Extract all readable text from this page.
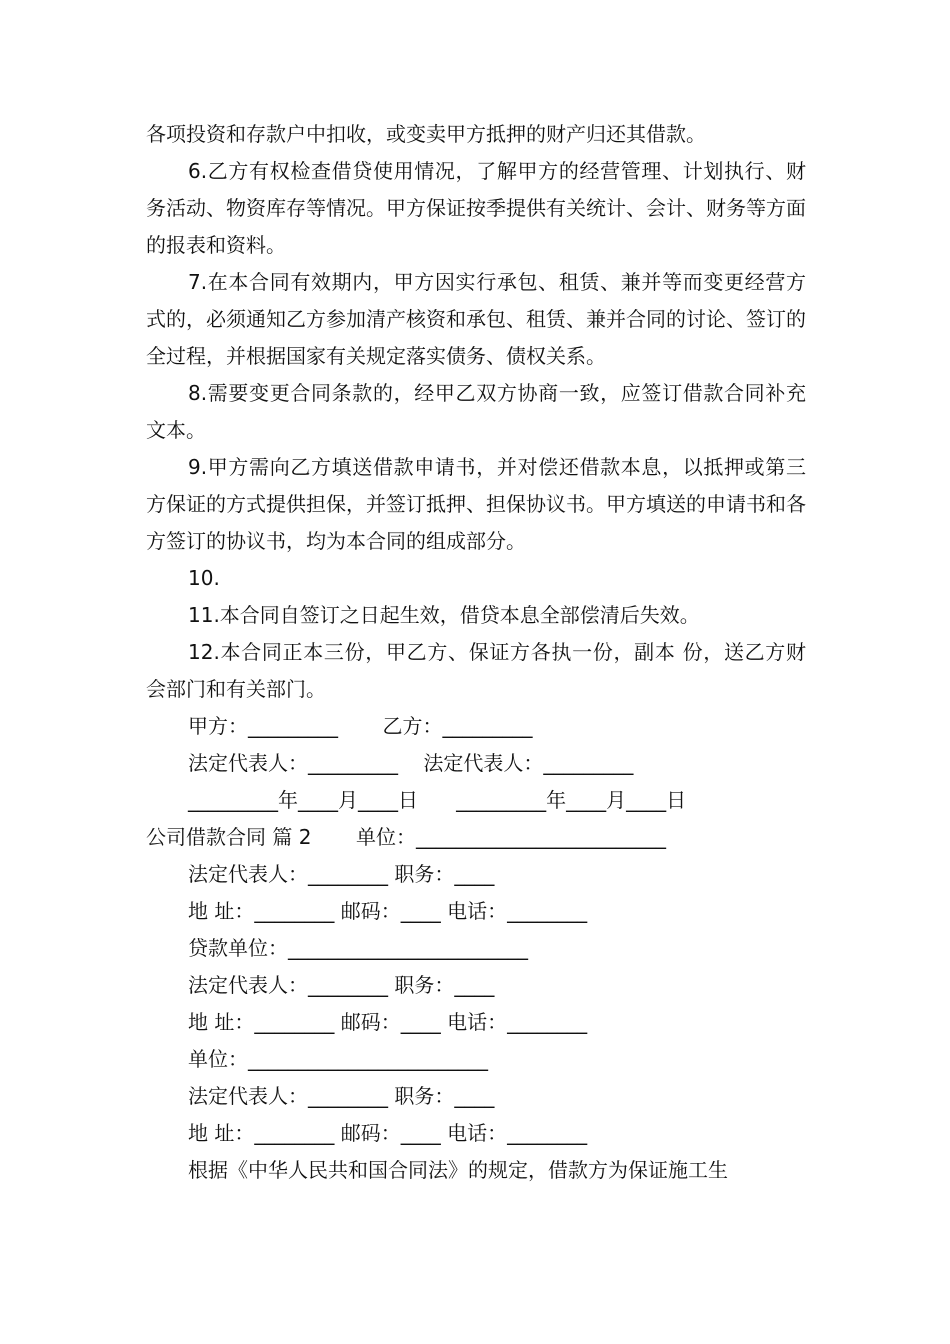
各项投资和存款户中扣收，或变卖甲方抵押的财产归还其借款。

6.乙方有权检查借贷使用情况，了解甲方的经营管理、计划执行、财务活动、物资库存等情况。甲方保证按季提供有关统计、会计、财务等方面的报表和资料。

7.在本合同有效期内，甲方因实行承包、租赁、兼并等而变更经营方式的，必须通知乙方参加清产核资和承包、租赁、兼并合同的讨论、签订的全过程，并根据国家有关规定落实债务、债权关系。

8.需要变更合同条款的，经甲乙双方协商一致，应签订借款合同补充文本。

9.甲方需向乙方填送借款申请书，并对偿还借款本息，以抵押或第三方保证的方式提供担保，并签订抵押、担保协议书。甲方填送的申请书和各方签订的协议书，均为本合同的组成部分。

10.

11.本合同自签订之日起生效，借贷本息全部偿清后失效。

12.本合同正本三份，甲乙方、保证方各执一份，副本 份，送乙方财会部门和有关部门。

甲方：_________       乙方：_________

法定代表人：_________    法定代表人：_________

_________年____月____日      _________年____月____日

公司借款合同 篇 2       单位：_________________________

法定代表人：________ 职务：____

地 址：________ 邮码：____ 电话：________

贷款单位：________________________

法定代表人：________ 职务：____

地 址：________ 邮码：____ 电话：________

单位：________________________

法定代表人：________ 职务：____

地 址：________ 邮码：____ 电话：________

根据《中华人民共和国合同法》的规定，借款方为保证施工生
